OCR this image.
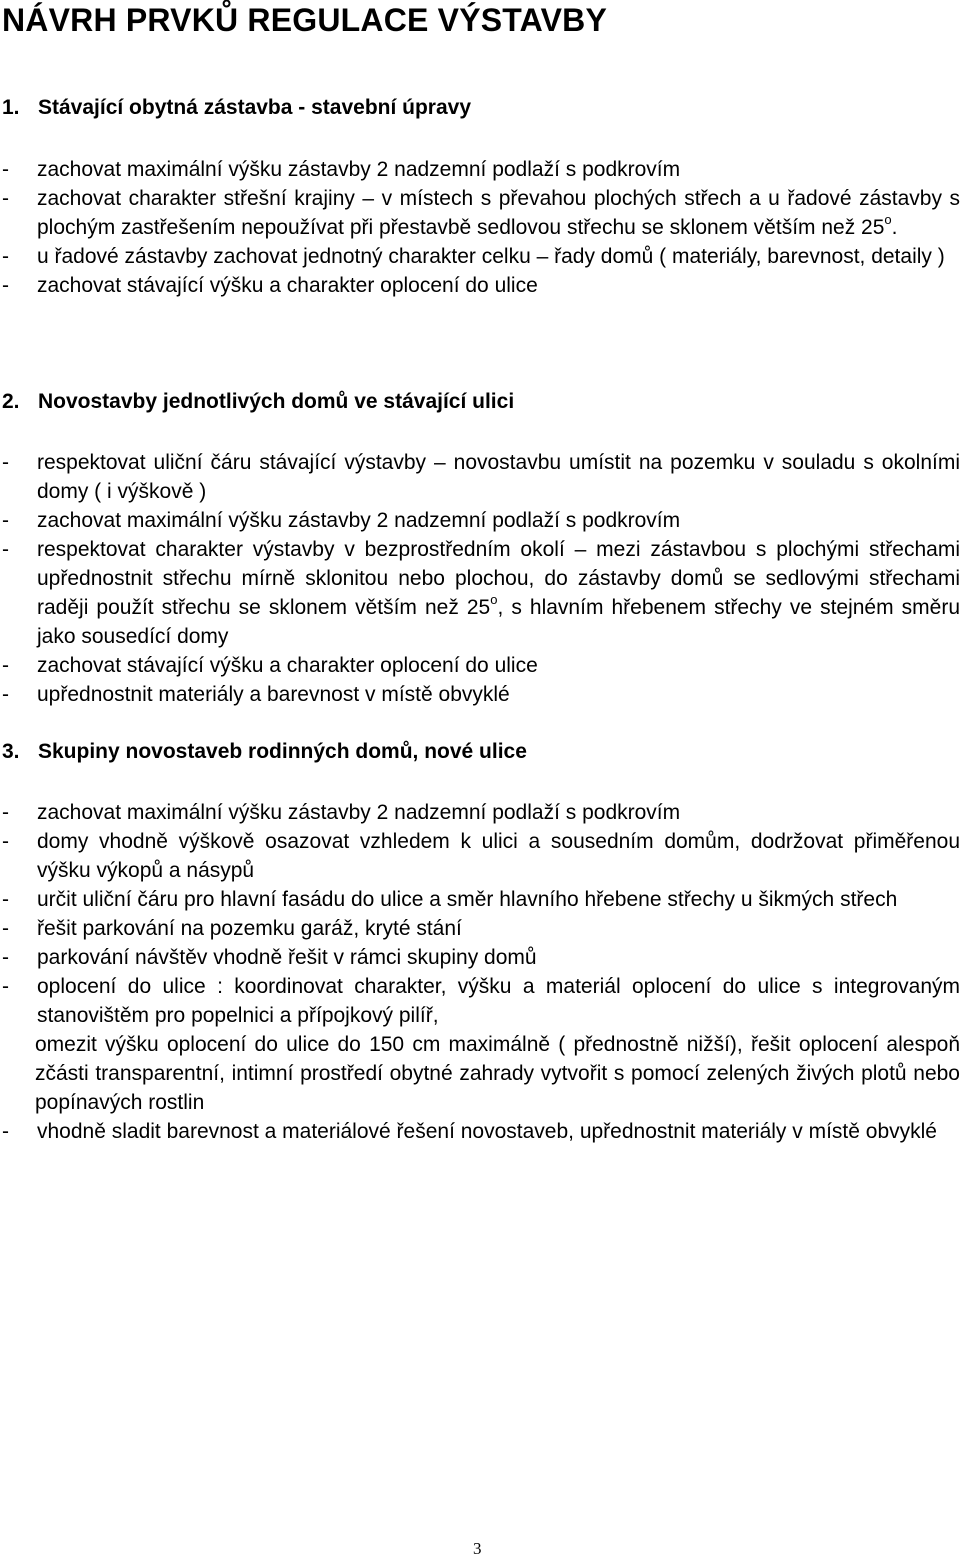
NÁVRH PRVKŮ REGULACE VÝSTAVBY
1. Stávající obytná zástavba - stavební úpravy
- zachovat maximální výšku zástavby 2 nadzemní podlaží s podkrovím
- zachovat charakter střešní krajiny – v místech s převahou plochých střech a u řadové zástavby s plochým zastřešením nepoužívat při přestavbě sedlovou střechu se sklonem větším než 25$^o$.
- u řadové zástavby zachovat jednotný charakter celku – řady domů ( materiály, barevnost, detaily )
- zachovat stávající výšku a charakter oplocení do ulice
2. Novostavby jednotlivých domů ve stávající ulici
- respektovat uliční čáru stávající výstavby – novostavbu umístit na pozemku v souladu s okolními domy ( i výškově )
- zachovat maximální výšku zástavby 2 nadzemní podlaží s podkrovím
- respektovat charakter výstavby v bezprostředním okolí – mezi zástavbou s plochými střechami upřednostnit střechu mírně sklonitou nebo plochou, do zástavby domů se sedlovými střechami raději použít střechu se sklonem větším než 25$^o$, s hlavním hřebenem střechy ve stejném směru jako sousedící domy
- zachovat stávající výšku a charakter oplocení do ulice
- upřednostnit materiály a barevnost v místě obvyklé
3. Skupiny novostaveb rodinných domů, nové ulice
- zachovat maximální výšku zástavby 2 nadzemní podlaží s podkrovím
- domy vhodně výškově osazovat vzhledem k ulici a sousedním domům, dodržovat přiměřenou výšku výkopů a násypů
- určit uliční čáru pro hlavní fasádu do ulice a směr hlavního hřebene střechy u šikmých střech
- řešit parkování na pozemku garáž, kryté stání
- parkování návštěv vhodně řešit v rámci skupiny domů
- oplocení do ulice : koordinovat charakter, výšku a materiál oplocení do ulice s integrovaným stanovištěm pro popelnici a přípojkový pilíř,
omezit výšku oplocení do ulice do 150 cm maximálně ( přednostně nižší), řešit oplocení alespoň zčásti transparentní, intimní prostředí obytné zahrady vytvořit s pomocí zelených živých plotů nebo popínavých rostlin
- vhodně sladit barevnost a materiálové řešení novostaveb, upřednostnit materiály v místě obvyklé
3
